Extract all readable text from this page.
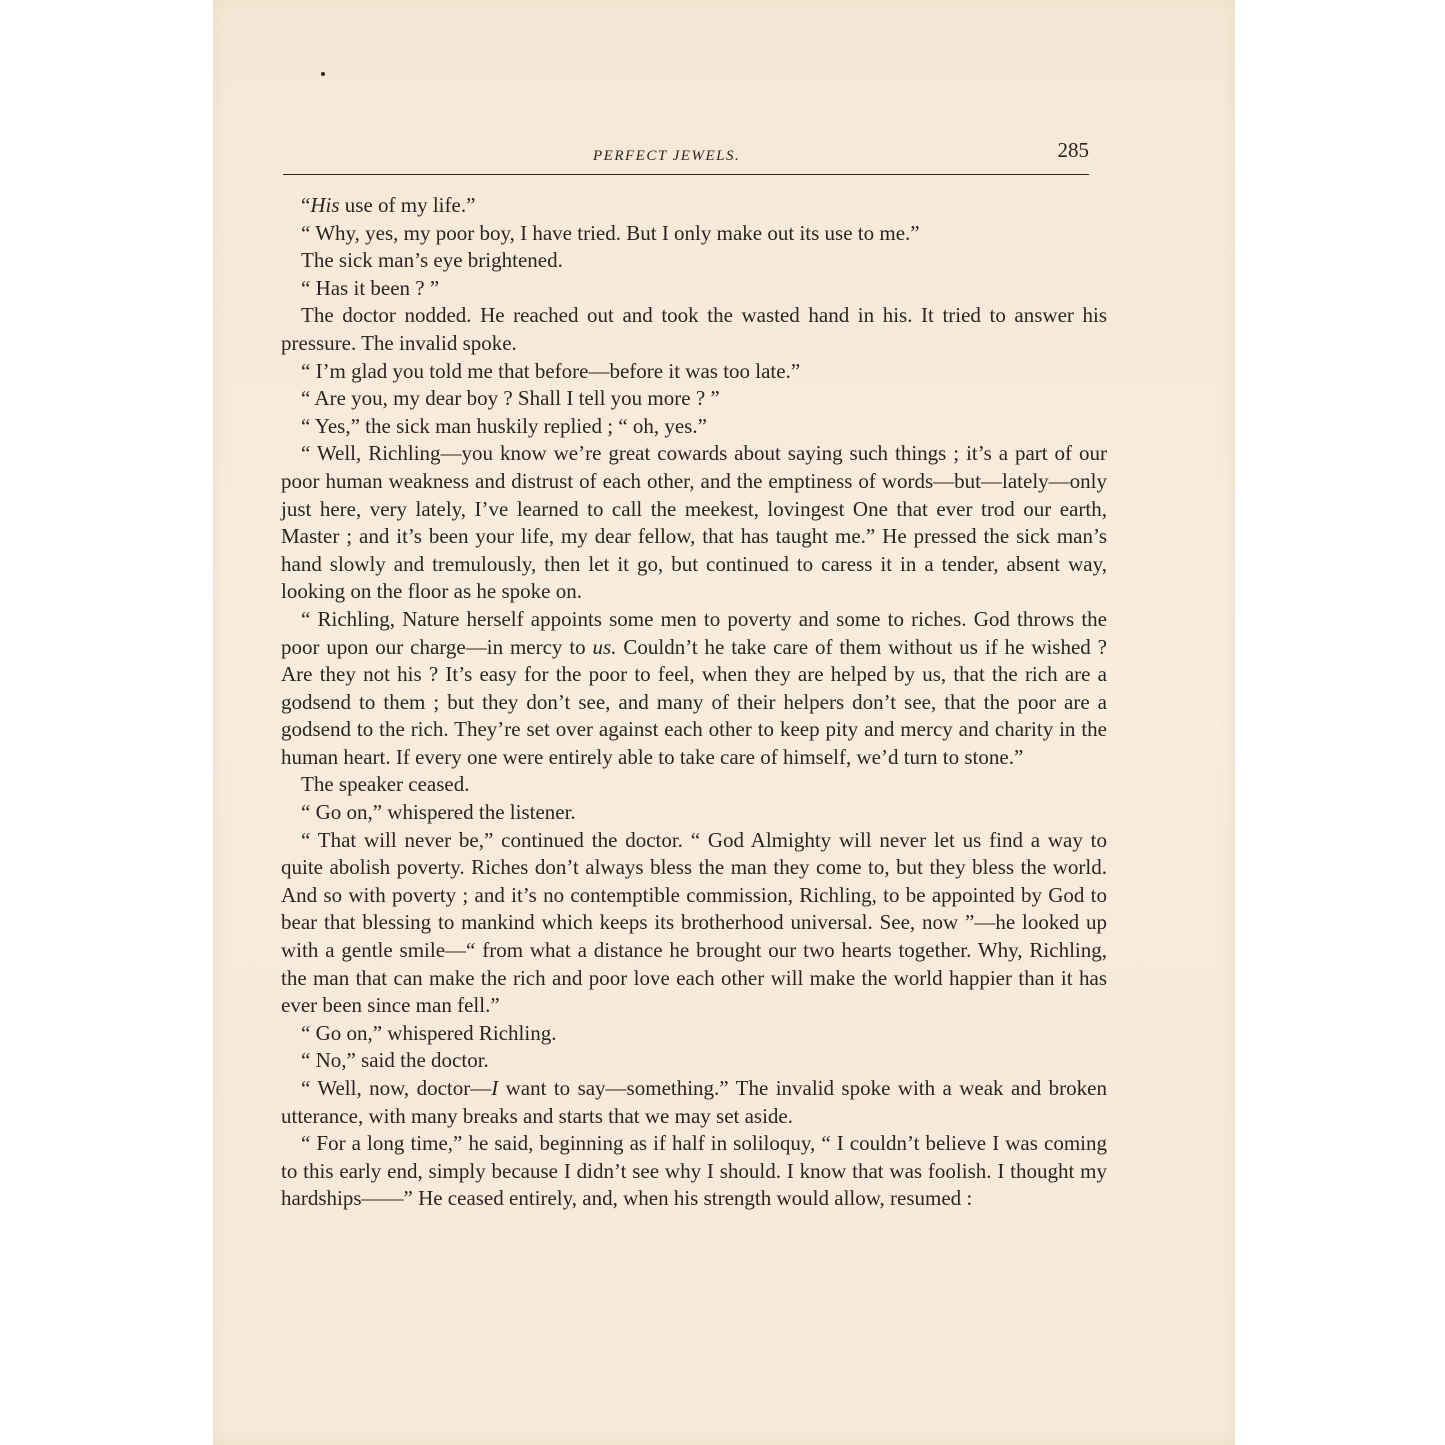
PERFECT JEWELS.	285

“His use of my life.”

“ Why, yes, my poor boy, I have tried. But I only make out its use to me.”

The sick man’s eye brightened.

“ Has it been ? ”

The doctor nodded. He reached out and took the wasted hand in his. It tried to answer his pressure. The invalid spoke.

“ I’m glad you told me that before—before it was too late.”

“ Are you, my dear boy ? Shall I tell you more ? ”

“ Yes,” the sick man huskily replied ; “ oh, yes.”

“ Well, Richling—you know we’re great cowards about saying such things ; it’s a part of our poor human weakness and distrust of each other, and the emptiness of words—but—lately—only just here, very lately, I’ve learned to call the meekest, lovingest One that ever trod our earth, Master ; and it’s been your life, my dear fellow, that has taught me.” He pressed the sick man’s hand slowly and tremulously, then let it go, but continued to caress it in a tender, absent way, looking on the floor as he spoke on.

“ Richling, Nature herself appoints some men to poverty and some to riches. God throws the poor upon our charge—in mercy to us. Couldn’t he take care of them without us if he wished ? Are they not his ? It’s easy for the poor to feel, when they are helped by us, that the rich are a godsend to them ; but they don’t see, and many of their helpers don’t see, that the poor are a godsend to the rich. They’re set over against each other to keep pity and mercy and charity in the human heart. If every one were entirely able to take care of himself, we’d turn to stone.”

The speaker ceased.

“ Go on,” whispered the listener.

“ That will never be,” continued the doctor. “ God Almighty will never let us find a way to quite abolish poverty. Riches don’t always bless the man they come to, but they bless the world. And so with poverty ; and it’s no contemptible commission, Richling, to be appointed by God to bear that blessing to mankind which keeps its brotherhood universal. See, now ”—he looked up with a gentle smile—“ from what a distance he brought our two hearts together. Why, Richling, the man that can make the rich and poor love each other will make the world happier than it has ever been since man fell.”

“ Go on,” whispered Richling.

“ No,” said the doctor.

“ Well, now, doctor—I want to say—something.” The invalid spoke with a weak and broken utterance, with many breaks and starts that we may set aside.

“ For a long time,” he said, beginning as if half in soliloquy, “ I couldn’t believe I was coming to this early end, simply because I didn’t see why I should. I know that was foolish. I thought my hardships——” He ceased entirely, and, when his strength would allow, resumed :
